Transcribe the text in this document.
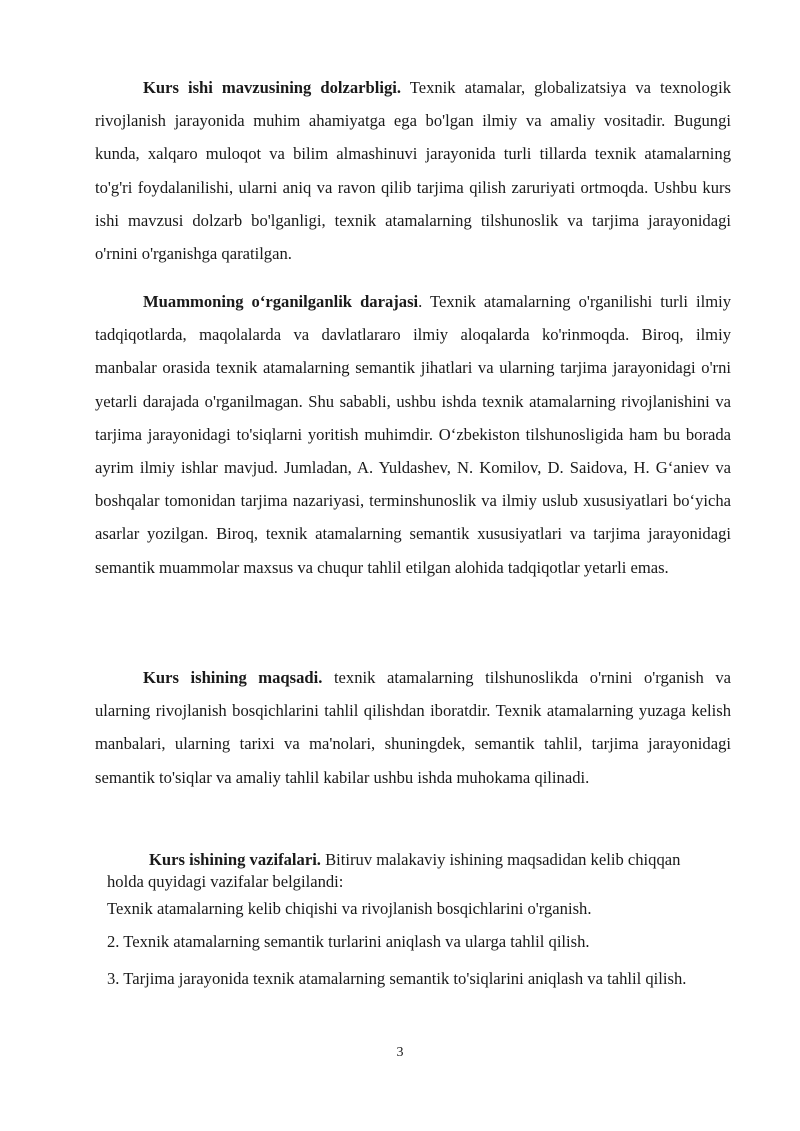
Kurs ishi mavzusining dolzarbligi. Texnik atamalar, globalizatsiya va texnologik rivojlanish jarayonida muhim ahamiyatga ega bo'lgan ilmiy va amaliy vositadir. Bugungi kunda, xalqaro muloqot va bilim almashinuvi jarayonida turli tillarda texnik atamalarning to'g'ri foydalanilishi, ularni aniq va ravon qilib tarjima qilish zaruriyati ortmoqda. Ushbu kurs ishi mavzusi dolzarb bo'lganligi, texnik atamalarning tilshunoslik va tarjima jarayonidagi o'rnini o'rganishga qaratilgan.

Muammoning oʻrganilganlik darajasi. Texnik atamalarning o'rganilishi turli ilmiy tadqiqotlarda, maqolalarda va davlatlararo ilmiy aloqalarda ko'rinmoqda. Biroq, ilmiy manbalar orasida texnik atamalarning semantik jihatlari va ularning tarjima jarayonidagi o'rni yetarli darajada o'rganilmagan. Shu sababli, ushbu ishda texnik atamalarning rivojlanishini va tarjima jarayonidagi to'siqlarni yoritish muhimdir. Oʻzbekiston tilshunosligida ham bu borada ayrim ilmiy ishlar mavjud. Jumladan, A. Yuldashev, N. Komilov, D. Saidova, H. Gʻaniev va boshqalar tomonidan tarjima nazariyasi, terminshunoslik va ilmiy uslub xususiyatlari boʻyicha asarlar yozilgan. Biroq, texnik atamalarning semantik xususiyatlari va tarjima jarayonidagi semantik muammolar maxsus va chuqur tahlil etilgan alohida tadqiqotlar yetarli emas.

Kurs ishining maqsadi. texnik atamalarning tilshunoslikda o'rnini o'rganish va ularning rivojlanish bosqichlarini tahlil qilishdan iboratdir. Texnik atamalarning yuzaga kelish manbalari, ularning tarixi va ma'nolari, shuningdek, semantik tahlil, tarjima jarayonidagi semantik to'siqlar va amaliy tahlil kabilar ushbu ishda muhokama qilinadi.

Kurs ishining vazifalari. Bitiruv malakaviy ishining maqsadidan kelib chiqqan holda quyidagi vazifalar belgilandi:

Texnik atamalarning kelib chiqishi va rivojlanish bosqichlarini o'rganish.

2. Texnik atamalarning semantik turlarini aniqlash va ularga tahlil qilish.

3. Tarjima jarayonida texnik atamalarning semantik to'siqlarini aniqlash va tahlil qilish.

3
